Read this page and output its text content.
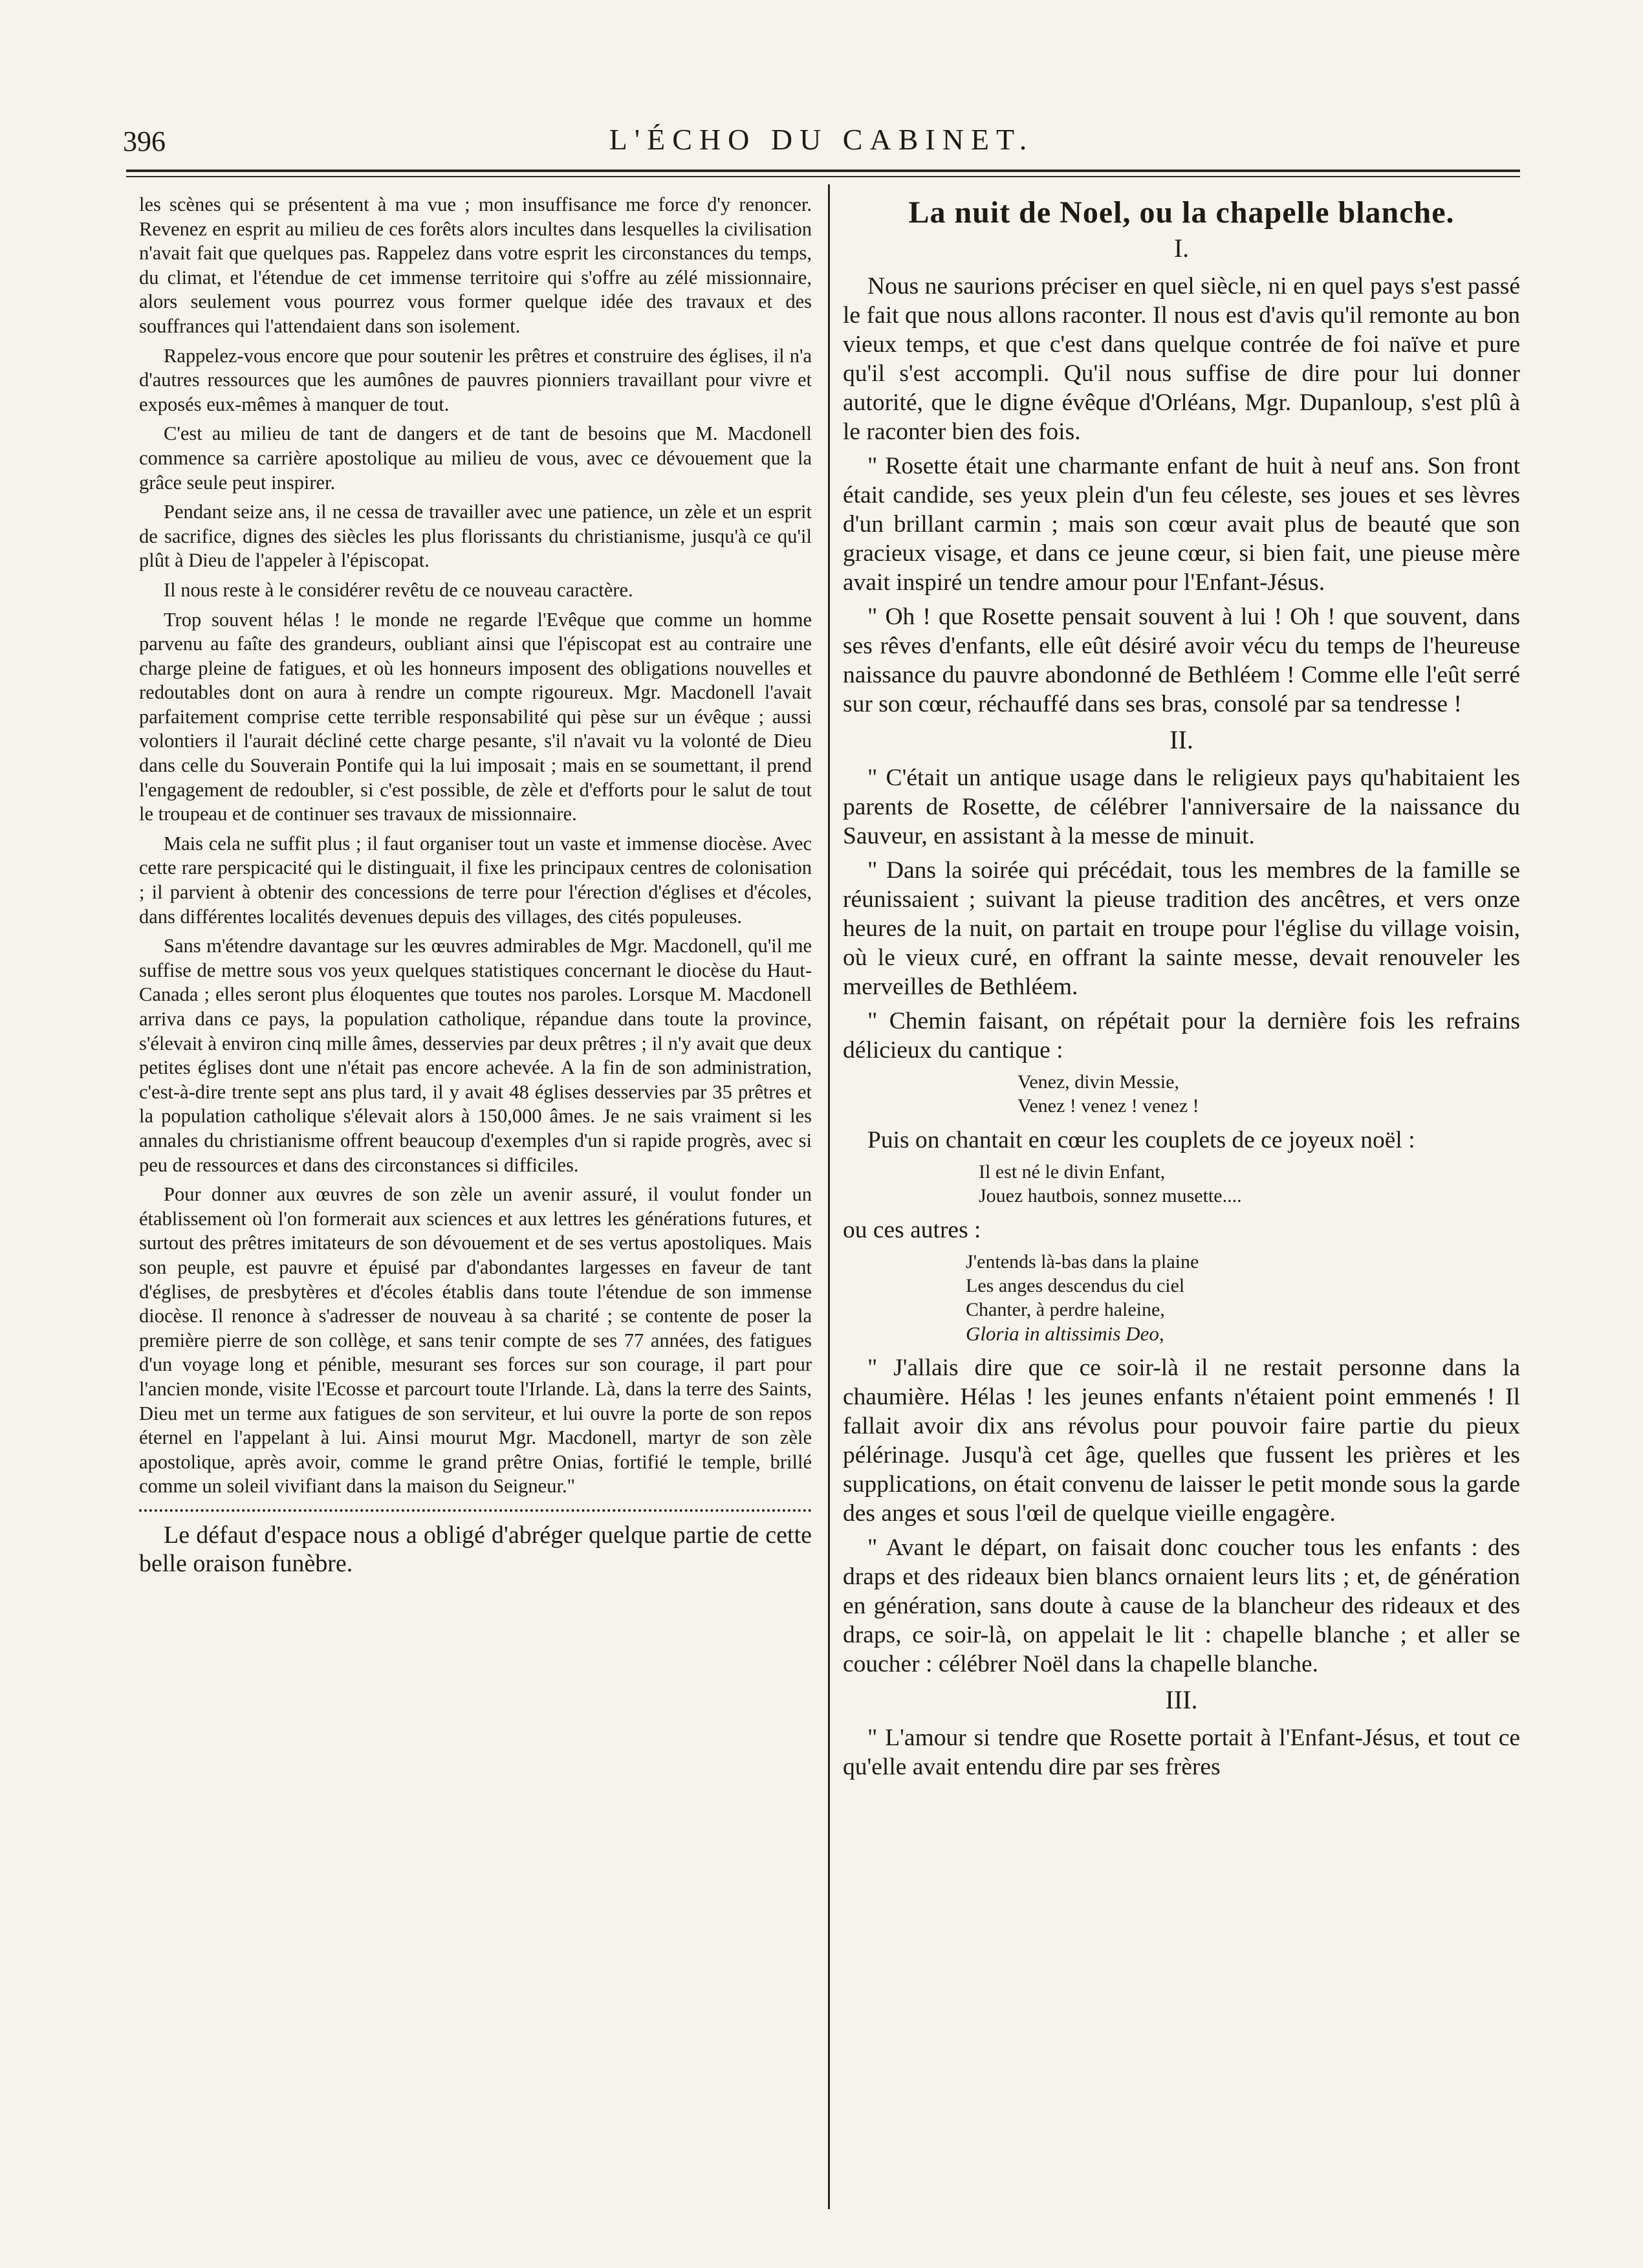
396	L'ÉCHO DU CABINET.

les scènes qui se présentent à ma vue ; mon insuffisance me force d'y renoncer. Revenez en esprit au milieu de ces forêts alors incultes dans lesquelles la civilisation n'avait fait que quelques pas. Rappelez dans votre esprit les circonstances du temps, du climat, et l'étendue de cet immense territoire qui s'offre au zélé missionnaire, alors seulement vous pourrez vous former quelque idée des travaux et des souffrances qui l'attendaient dans son isolement.

Rappelez-vous encore que pour soutenir les prêtres et construire des églises, il n'a d'autres ressources que les aumônes de pauvres pionniers travaillant pour vivre et exposés eux-mêmes à manquer de tout.

C'est au milieu de tant de dangers et de tant de besoins que M. Macdonell commence sa carrière apostolique au milieu de vous, avec ce dévouement que la grâce seule peut inspirer.

Pendant seize ans, il ne cessa de travailler avec une patience, un zèle et un esprit de sacrifice, dignes des siècles les plus florissants du christianisme, jusqu'à ce qu'il plût à Dieu de l'appeler à l'épiscopat.

Il nous reste à le considérer revêtu de ce nouveau caractère.

Trop souvent hélas ! le monde ne regarde l'Evêque que comme un homme parvenu au faîte des grandeurs, oubliant ainsi que l'épiscopat est au contraire une charge pleine de fatigues, et où les honneurs imposent des obligations nouvelles et redoutables dont on aura à rendre un compte rigoureux. Mgr. Macdonell l'avait parfaitement comprise cette terrible responsabilité qui pèse sur un évêque ; aussi volontiers il l'aurait décliné cette charge pesante, s'il n'avait vu la volonté de Dieu dans celle du Souverain Pontife qui la lui imposait ; mais en se soumettant, il prend l'engagement de redoubler, si c'est possible, de zèle et d'efforts pour le salut de tout le troupeau et de continuer ses travaux de missionnaire.

Mais cela ne suffit plus ; il faut organiser tout un vaste et immense diocèse. Avec cette rare perspicacité qui le distinguait, il fixe les principaux centres de colonisation ; il parvient à obtenir des concessions de terre pour l'érection d'églises et d'écoles, dans différentes localités devenues depuis des villages, des cités populeuses.

Sans m'étendre davantage sur les œuvres admirables de Mgr. Macdonell, qu'il me suffise de mettre sous vos yeux quelques statistiques concernant le diocèse du Haut-Canada ; elles seront plus éloquentes que toutes nos paroles. Lorsque M. Macdonell arriva dans ce pays, la population catholique, répandue dans toute la province, s'élevait à environ cinq mille âmes, desservies par deux prêtres ; il n'y avait que deux petites églises dont une n'était pas encore achevée. A la fin de son administration, c'est-à-dire trente sept ans plus tard, il y avait 48 églises desservies par 35 prêtres et la population catholique s'élevait alors à 150,000 âmes. Je ne sais vraiment si les annales du christianisme offrent beaucoup d'exemples d'un si rapide progrès, avec si peu de ressources et dans des circonstances si difficiles.

Pour donner aux œuvres de son zèle un avenir assuré, il voulut fonder un établissement où l'on formerait aux sciences et aux lettres les générations futures, et surtout des prêtres imitateurs de son dévouement et de ses vertus apostoliques. Mais son peuple, est pauvre et épuisé par d'abondantes largesses en faveur de tant d'églises, de presbytères et d'écoles établis dans toute l'étendue de son immense diocèse. Il renonce à s'adresser de nouveau à sa charité ; se contente de poser la première pierre de son collège, et sans tenir compte de ses 77 années, des fatigues d'un voyage long et pénible, mesurant ses forces sur son courage, il part pour l'ancien monde, visite l'Ecosse et parcourt toute l'Irlande. Là, dans la terre des Saints, Dieu met un terme aux fatigues de son serviteur, et lui ouvre la porte de son repos éternel en l'appelant à lui. Ainsi mourut Mgr. Macdonell, martyr de son zèle apostolique, après avoir, comme le grand prêtre Onias, fortifié le temple, brillé comme un soleil vivifiant dans la maison du Seigneur."

Le défaut d'espace nous a obligé d'abréger quelque partie de cette belle oraison funèbre.

La nuit de Noel, ou la chapelle blanche.
I.

Nous ne saurions préciser en quel siècle, ni en quel pays s'est passé le fait que nous allons raconter. Il nous est d'avis qu'il remonte au bon vieux temps, et que c'est dans quelque contrée de foi naïve et pure qu'il s'est accompli. Qu'il nous suffise de dire pour lui donner autorité, que le digne évêque d'Orléans, Mgr. Dupanloup, s'est plû à le raconter bien des fois.

" Rosette était une charmante enfant de huit à neuf ans. Son front était candide, ses yeux plein d'un feu céleste, ses joues et ses lèvres d'un brillant carmin ; mais son cœur avait plus de beauté que son gracieux visage, et dans ce jeune cœur, si bien fait, une pieuse mère avait inspiré un tendre amour pour l'Enfant-Jésus.

" Oh ! que Rosette pensait souvent à lui ! Oh ! que souvent, dans ses rêves d'enfants, elle eût désiré avoir vécu du temps de l'heureuse naissance du pauvre abondonné de Bethléem ! Comme elle l'eût serré sur son cœur, réchauffé dans ses bras, consolé par sa tendresse !

II.

" C'était un antique usage dans le religieux pays qu'habitaient les parents de Rosette, de célébrer l'anniversaire de la naissance du Sauveur, en assistant à la messe de minuit.

" Dans la soirée qui précédait, tous les membres de la famille se réunissaient ; suivant la pieuse tradition des ancêtres, et vers onze heures de la nuit, on partait en troupe pour l'église du village voisin, où le vieux curé, en offrant la sainte messe, devait renouveler les merveilles de Bethléem.

" Chemin faisant, on répétait pour la dernière fois les refrains délicieux du cantique :

Venez, divin Messie,
Venez ! venez ! venez !

Puis on chantait en cœur les couplets de ce joyeux noël :

Il est né le divin Enfant,
Jouez hautbois, sonnez musette....

ou ces autres :

J'entends là-bas dans la plaine
Les anges descendus du ciel
Chanter, à perdre haleine,
Gloria in altissimis Deo,

" J'allais dire que ce soir-là il ne restait personne dans la chaumière. Hélas ! les jeunes enfants n'étaient point emmenés ! Il fallait avoir dix ans révolus pour pouvoir faire partie du pieux pélérinage. Jusqu'à cet âge, quelles que fussent les prières et les supplications, on était convenu de laisser le petit monde sous la garde des anges et sous l'œil de quelque vieille engagère.

" Avant le départ, on faisait donc coucher tous les enfants : des draps et des rideaux bien blancs ornaient leurs lits ; et, de génération en génération, sans doute à cause de la blancheur des rideaux et des draps, ce soir-là, on appelait le lit : chapelle blanche ; et aller se coucher : célébrer Noël dans la chapelle blanche.

III.

" L'amour si tendre que Rosette portait à l'Enfant-Jésus, et tout ce qu'elle avait entendu dire par ses frères
